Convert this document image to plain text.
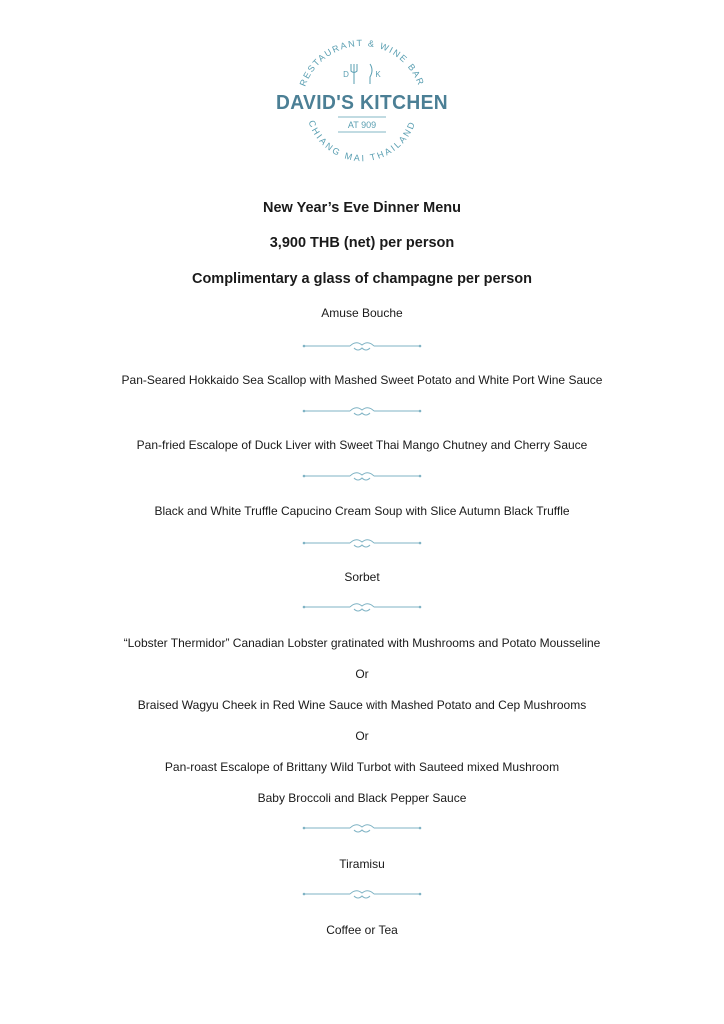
RESTAURANT & WINE BAR
CHIANG MAI THAILAND
D	K
DAVID'S KITCHEN
AT 909
New Year’s Eve Dinner Menu
3,900 THB (net) per person
Complimentary a glass of champagne per person
Amuse Bouche
Pan-Seared Hokkaido Sea Scallop with Mashed Sweet Potato and White Port Wine Sauce
Pan-fried Escalope of Duck Liver with Sweet Thai Mango Chutney and Cherry Sauce
Black and White Truffle Capucino Cream Soup with Slice Autumn Black Truffle
Sorbet
“Lobster Thermidor” Canadian Lobster gratinated with Mushrooms and Potato Mousseline
Or
Braised Wagyu Cheek in Red Wine Sauce with Mashed Potato and Cep Mushrooms
Or
Pan-roast Escalope of Brittany Wild Turbot with Sauteed mixed Mushroom
Baby Broccoli and Black Pepper Sauce
Tiramisu
Coffee or Tea
